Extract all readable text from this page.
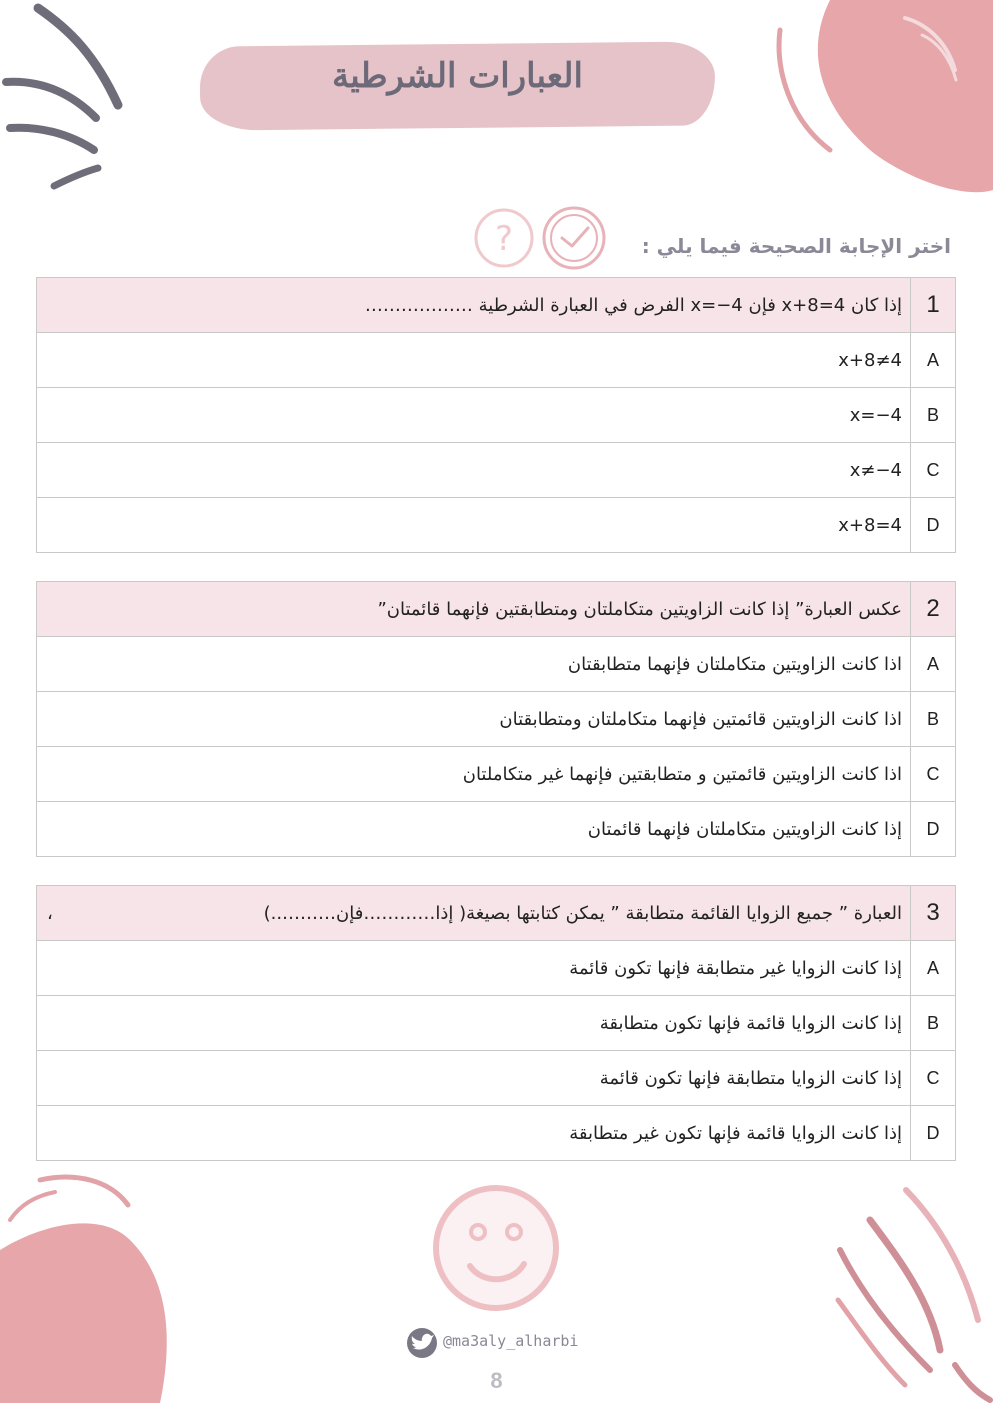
?
العبارات الشرطية
اختر الإجابة الصحيحة فيما يلي :
1	إذا كان x+8=4 فإن x=−4 الفرض في العبارة الشرطية ………………
A	x+8≠4
B	x=−4
C	x≠−4
D	x+8=4
2	عكس العبارة” إذا كانت الزاويتين متكاملتان ومتطابقتين فإنهما قائمتان”
A	اذا كانت الزاويتين متكاملتان فإنهما متطابقتان
B	اذا كانت الزاويتين قائمتين فإنهما متكاملتان ومتطابقتان
C	اذا كانت الزاويتين قائمتين و متطابقتين فإنهما غير متكاملتان
D	إذا كانت الزاويتين متكاملتان فإنهما قائمتان
3	العبارة ” جميع الزوايا القائمة متطابقة ” يمكن كتابتها بصيغة( إذا…………فإن………..)
،

A	إذا كانت الزوايا غير متطابقة فإنها تكون قائمة
B	إذا كانت الزوايا قائمة فإنها تكون متطابقة
C	إذا كانت الزوايا متطابقة فإنها تكون قائمة
D	إذا كانت الزوايا قائمة فإنها تكون غير متطابقة
@ma3aly_alharbi
8
